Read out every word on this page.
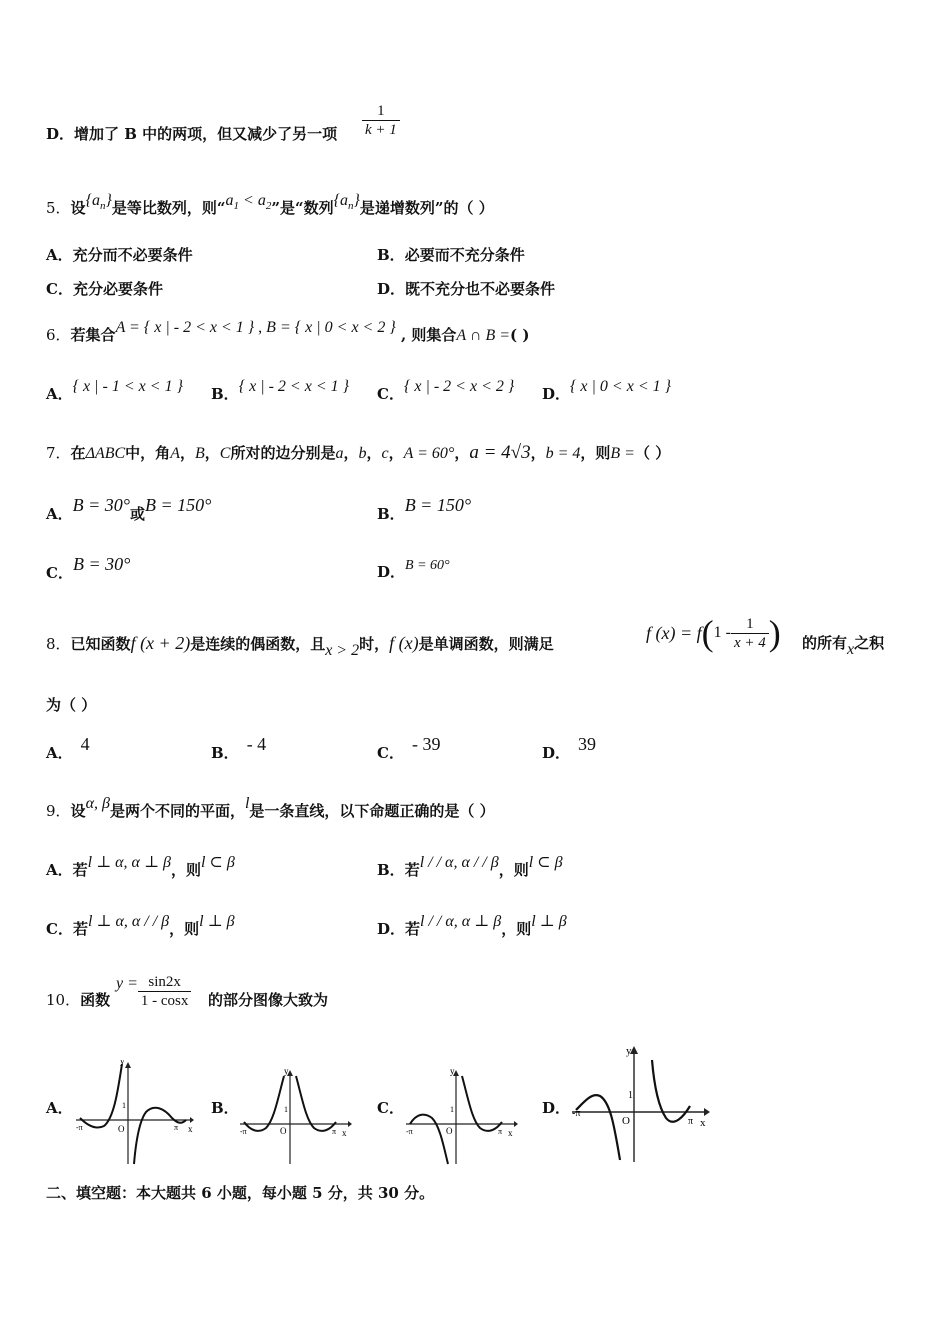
D．增加了 B 中的两项，但又减少了另一项 $\frac{1}{k + 1}$
5．设$\{a_n\}$是等比数列，则“$a_1 < a_2$”是“数列$\{a_n\}$是递增数列”的（ ）
A．充分而不必要条件	B．必要而不充分条件
C．充分必要条件	D．既不充分也不必要条件
6．若集合A = { x | - 2 < x < 1 } , B = { x | 0 < x < 2 } , 则集合A ∩ B =( )
A．{ x | - 1 < x < 1 } B．{ x | - 2 < x < 1 } C．{ x | - 2 < x < 2 } D．{ x | 0 < x < 1 }
7．在ΔABC中，角A，B，C所对的边分别是a，b，c，A = 60°，a = 4√3，b = 4，则B =（ ）
A．B = 30°或B = 150°	B．B = 150°
C．B = 30°	D．B = 60°
8．已知函数f (x + 2)是连续的偶函数，且x > 2时，f (x)是单调函数，则满足
f $(x) = f(1 - \frac{1}{x + 4}$ ) 的所有x之积
为（ ）
A． 4	B． - 4	C． - 39	D． 39
9．设α, β是两个不同的平面，l是一条直线，以下命题正确的是（ ）
A．若l ⊥ α, α ⊥ β，则l ⊂ β	B．若l / / α, α / / β，则l ⊂ β
C．若l ⊥ α, α / / β，则l ⊥ β	D．若l / / α, α ⊥ β，则l ⊥ β
10．函数
$y = \frac{\sin 2x}{1 - \cos x}$ 的部分图像大致为
A．	B．	C．	D．
y
x
O
1
-π	π
y
x
O
1
-π	π
y
x
O
1
-π	π
y
x
O
1
-π
π
二、填空题：本大题共 6 小题，每小题 5 分，共 30 分。
